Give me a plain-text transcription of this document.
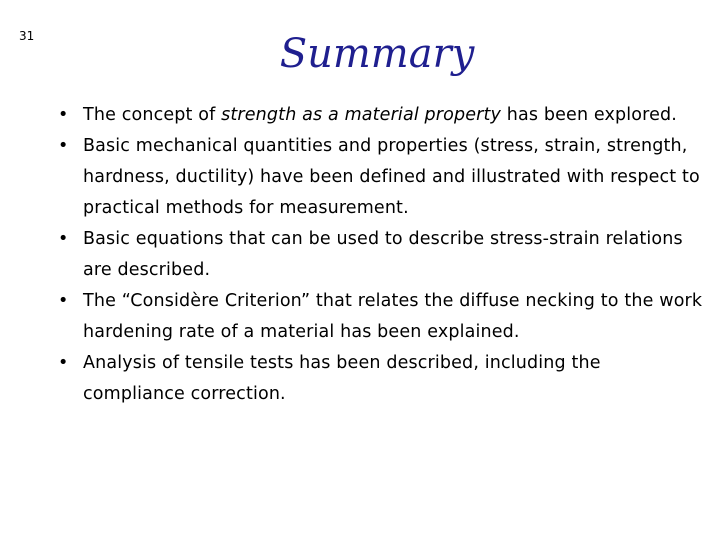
31	Summary
• The concept of strength as a material property has been explored.
• Basic mechanical quantities and properties (stress, strain, strength, hardness, ductility) have been defined and illustrated with respect to practical methods for measurement.
• Basic equations that can be used to describe stress-strain relations are described.
• The “Considère Criterion” that relates the diffuse necking to the work hardening rate of a material has been explained.
• Analysis of tensile tests has been described, including the compliance correction.
